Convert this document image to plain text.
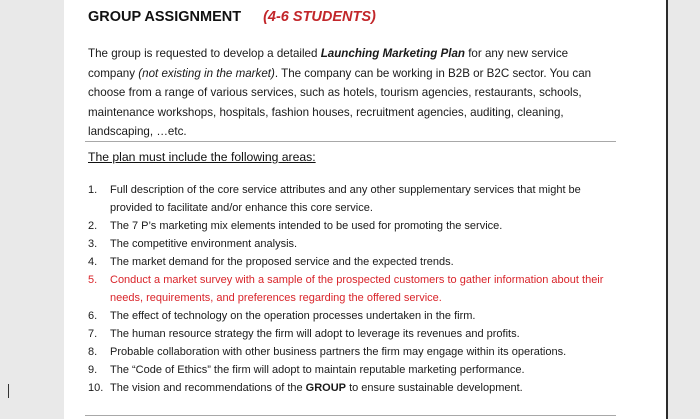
GROUP ASSIGNMENT (4-6 STUDENTS)
The group is requested to develop a detailed Launching Marketing Plan for any new service company (not existing in the market). The company can be working in B2B or B2C sector. You can choose from a range of various services, such as hotels, tourism agencies, restaurants, schools, maintenance workshops, hospitals, fashion houses, recruitment agencies, auditing, cleaning, landscaping, …etc.
The plan must include the following areas:
1. Full description of the core service attributes and any other supplementary services that might be provided to facilitate and/or enhance this core service.
2. The 7 P’s marketing mix elements intended to be used for promoting the service.
3. The competitive environment analysis.
4. The market demand for the proposed service and the expected trends.
5. Conduct a market survey with a sample of the prospected customers to gather information about their needs, requirements, and preferences regarding the offered service.
6. The effect of technology on the operation processes undertaken in the firm.
7. The human resource strategy the firm will adopt to leverage its revenues and profits.
8. Probable collaboration with other business partners the firm may engage within its operations.
9. The “Code of Ethics” the firm will adopt to maintain reputable marketing performance.
10. The vision and recommendations of the GROUP to ensure sustainable development.
